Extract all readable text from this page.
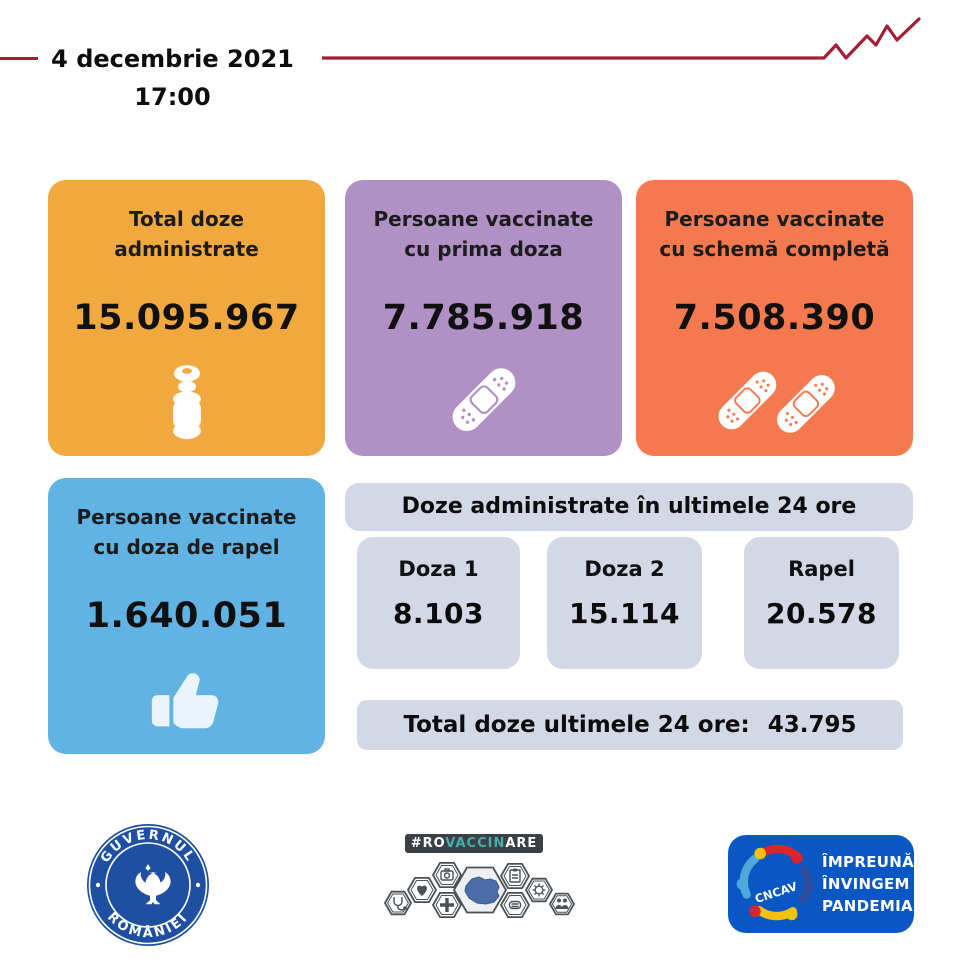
4 decembrie 2021
17:00
Total doze
administrate
15.095.967
Persoane vaccinate
cu prima doza
7.785.918
Persoane vaccinate
cu schemă completă
7.508.390
Persoane vaccinate
cu doza de rapel
1.640.051
Doze administrate în ultimele 24 ore
Doza 1
8.103
Doza 2
15.114
Rapel
20.578
Total doze ultimele 24 ore: 43.795
GUVERNUL
ROMÂNIEI
#ROVACCINARE
CNCAV
ÎMPREUNĂ
ÎNVINGEM
PANDEMIA
